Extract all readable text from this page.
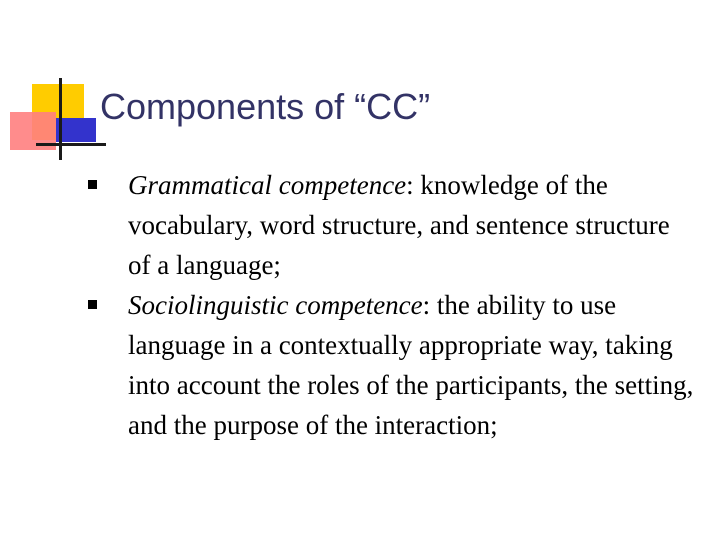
Components of “CC”
Grammatical competence: knowledge of the vocabulary, word structure, and sentence structure of a language;
Sociolinguistic competence: the ability to use language in a contextually appropriate way, taking into account the roles of the participants, the setting, and the purpose of the interaction;
